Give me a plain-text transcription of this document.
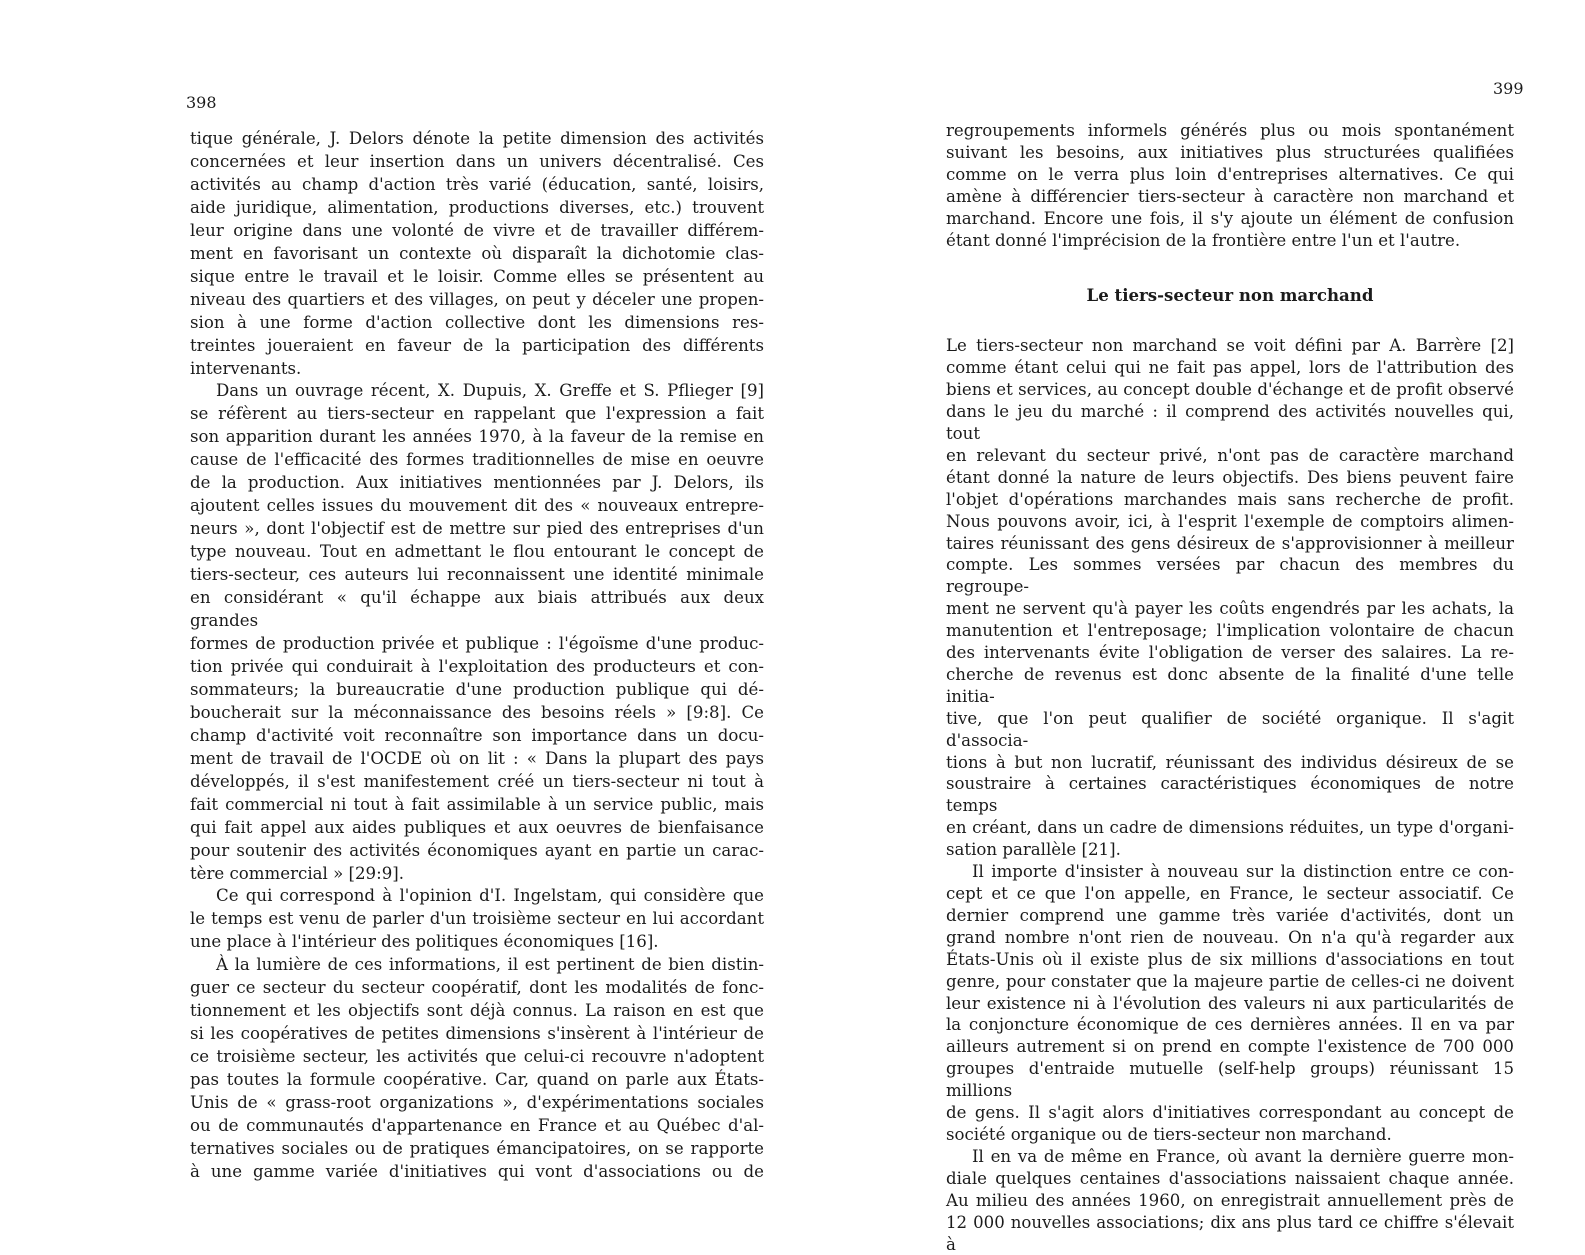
398
399
tique générale, J. Delors dénote la petite dimension des activités
concernées et leur insertion dans un univers décentralisé. Ces
activités au champ d'action très varié (éducation, santé, loisirs,
aide juridique, alimentation, productions diverses, etc.) trouvent
leur origine dans une volonté de vivre et de travailler différem-
ment en favorisant un contexte où disparaît la dichotomie clas-
sique entre le travail et le loisir. Comme elles se présentent au
niveau des quartiers et des villages, on peut y déceler une propen-
sion à une forme d'action collective dont les dimensions res-
treintes joueraient en faveur de la participation des différents
intervenants.
Dans un ouvrage récent, X. Dupuis, X. Greffe et S. Pflieger [9]
se réfèrent au tiers-secteur en rappelant que l'expression a fait
son apparition durant les années 1970, à la faveur de la remise en
cause de l'efficacité des formes traditionnelles de mise en oeuvre
de la production. Aux initiatives mentionnées par J. Delors, ils
ajoutent celles issues du mouvement dit des « nouveaux entrepre-
neurs », dont l'objectif est de mettre sur pied des entreprises d'un
type nouveau. Tout en admettant le flou entourant le concept de
tiers-secteur, ces auteurs lui reconnaissent une identité minimale
en considérant « qu'il échappe aux biais attribués aux deux grandes
formes de production privée et publique : l'égoïsme d'une produc-
tion privée qui conduirait à l'exploitation des producteurs et con-
sommateurs; la bureaucratie d'une production publique qui dé-
boucherait sur la méconnaissance des besoins réels » [9:8]. Ce
champ d'activité voit reconnaître son importance dans un docu-
ment de travail de l'OCDE où on lit : « Dans la plupart des pays
développés, il s'est manifestement créé un tiers-secteur ni tout à
fait commercial ni tout à fait assimilable à un service public, mais
qui fait appel aux aides publiques et aux oeuvres de bienfaisance
pour soutenir des activités économiques ayant en partie un carac-
tère commercial » [29:9].
Ce qui correspond à l'opinion d'I. Ingelstam, qui considère que
le temps est venu de parler d'un troisième secteur en lui accordant
une place à l'intérieur des politiques économiques [16].
À la lumière de ces informations, il est pertinent de bien distin-
guer ce secteur du secteur coopératif, dont les modalités de fonc-
tionnement et les objectifs sont déjà connus. La raison en est que
si les coopératives de petites dimensions s'insèrent à l'intérieur de
ce troisième secteur, les activités que celui-ci recouvre n'adoptent
pas toutes la formule coopérative. Car, quand on parle aux États-
Unis de « grass-root organizations », d'expérimentations sociales
ou de communautés d'appartenance en France et au Québec d'al-
ternatives sociales ou de pratiques émancipatoires, on se rapporte
à une gamme variée d'initiatives qui vont d'associations ou de
regroupements informels générés plus ou mois spontanément
suivant les besoins, aux initiatives plus structurées qualifiées
comme on le verra plus loin d'entreprises alternatives. Ce qui
amène à différencier tiers-secteur à caractère non marchand et
marchand. Encore une fois, il s'y ajoute un élément de confusion
étant donné l'imprécision de la frontière entre l'un et l'autre.
Le tiers-secteur non marchand
Le tiers-secteur non marchand se voit défini par A. Barrère [2]
comme étant celui qui ne fait pas appel, lors de l'attribution des
biens et services, au concept double d'échange et de profit observé
dans le jeu du marché : il comprend des activités nouvelles qui, tout
en relevant du secteur privé, n'ont pas de caractère marchand
étant donné la nature de leurs objectifs. Des biens peuvent faire
l'objet d'opérations marchandes mais sans recherche de profit.
Nous pouvons avoir, ici, à l'esprit l'exemple de comptoirs alimen-
taires réunissant des gens désireux de s'approvisionner à meilleur
compte. Les sommes versées par chacun des membres du regroupe-
ment ne servent qu'à payer les coûts engendrés par les achats, la
manutention et l'entreposage; l'implication volontaire de chacun
des intervenants évite l'obligation de verser des salaires. La re-
cherche de revenus est donc absente de la finalité d'une telle initia-
tive, que l'on peut qualifier de société organique. Il s'agit d'associa-
tions à but non lucratif, réunissant des individus désireux de se
soustraire à certaines caractéristiques économiques de notre temps
en créant, dans un cadre de dimensions réduites, un type d'organi-
sation parallèle [21].
Il importe d'insister à nouveau sur la distinction entre ce con-
cept et ce que l'on appelle, en France, le secteur associatif. Ce
dernier comprend une gamme très variée d'activités, dont un
grand nombre n'ont rien de nouveau. On n'a qu'à regarder aux
États-Unis où il existe plus de six millions d'associations en tout
genre, pour constater que la majeure partie de celles-ci ne doivent
leur existence ni à l'évolution des valeurs ni aux particularités de
la conjoncture économique de ces dernières années. Il en va par
ailleurs autrement si on prend en compte l'existence de 700 000
groupes d'entraide mutuelle (self-help groups) réunissant 15 millions
de gens. Il s'agit alors d'initiatives correspondant au concept de
société organique ou de tiers-secteur non marchand.
Il en va de même en France, où avant la dernière guerre mon-
diale quelques centaines d'associations naissaient chaque année.
Au milieu des années 1960, on enregistrait annuellement près de
12 000 nouvelles associations; dix ans plus tard ce chiffre s'élevait à
